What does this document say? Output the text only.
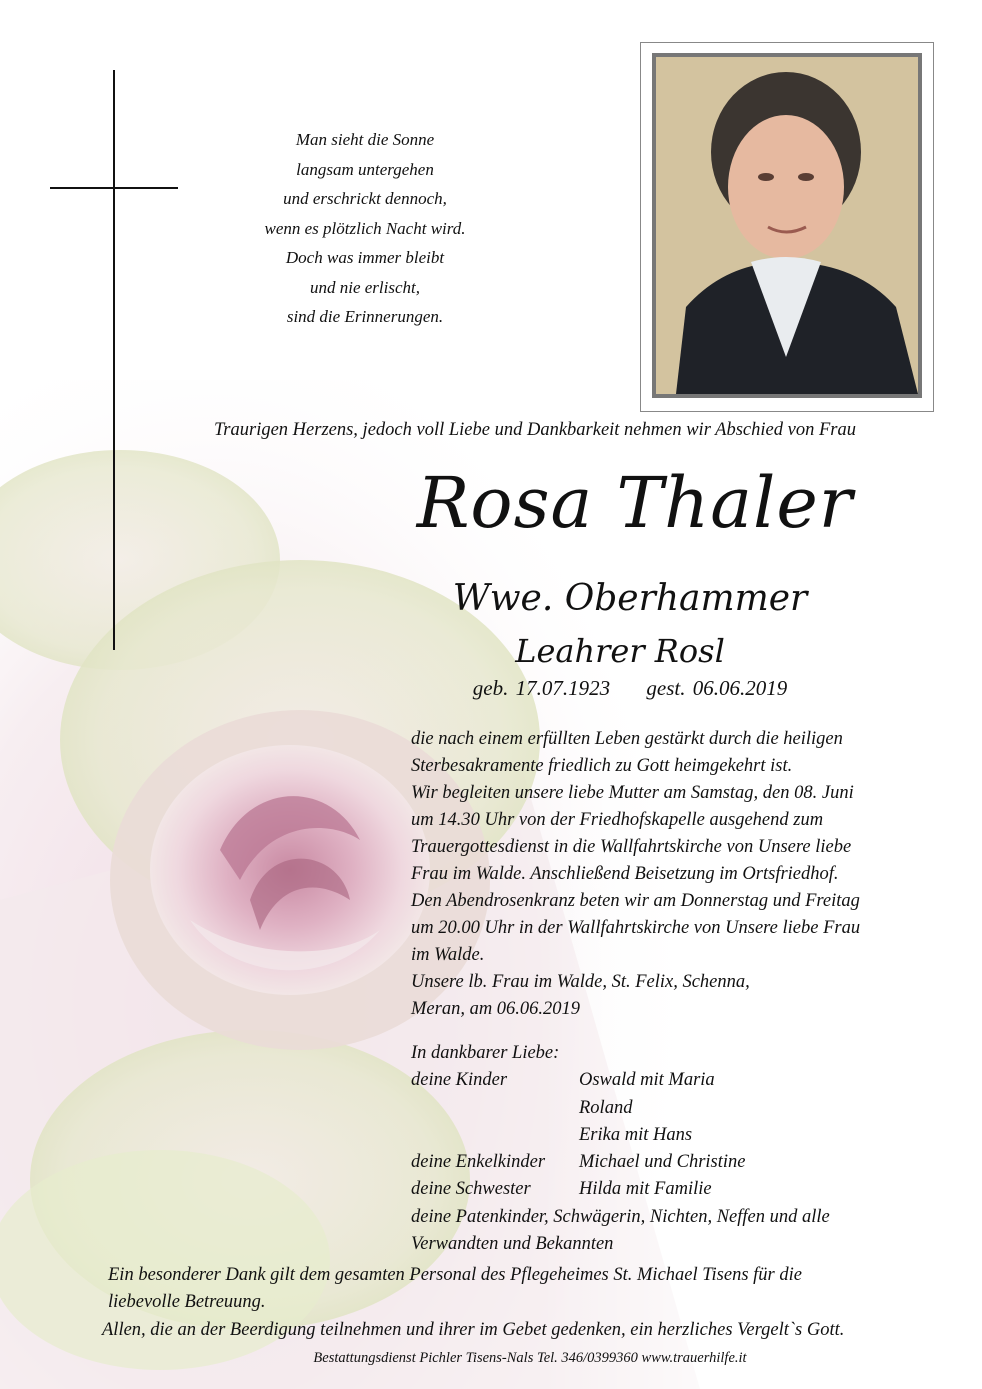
Man sieht die Sonne
langsam untergehen
und erschrickt dennoch,
wenn es plötzlich Nacht wird.
Doch was immer bleibt
und nie erlischt,
sind die Erinnerungen.
Traurigen Herzens, jedoch voll Liebe und Dankbarkeit nehmen wir Abschied von Frau
Rosa Thaler
Wwe. Oberhammer
Leahrer Rosl
geb. 17.07.1923     gest. 06.06.2019
die nach einem erfüllten Leben gestärkt durch die heiligen
Sterbesakramente friedlich zu Gott heimgekehrt ist.
Wir begleiten unsere liebe Mutter am Samstag, den 08. Juni
um 14.30 Uhr von der Friedhofskapelle ausgehend zum
Trauergottesdienst in die Wallfahrtskirche von Unsere liebe
Frau im Walde. Anschließend Beisetzung im Ortsfriedhof.
Den Abendrosenkranz beten wir am Donnerstag und Freitag
um 20.00 Uhr in der Wallfahrtskirche von Unsere liebe Frau
im Walde.
Unsere lb. Frau im Walde, St. Felix, Schenna,
Meran, am 06.06.2019
In dankbarer Liebe:
deine Kinder	Oswald mit Maria
Roland
Erika mit Hans
deine Enkelkinder	Michael und Christine
deine Schwester	Hilda mit Familie
deine Patenkinder, Schwägerin, Nichten, Neffen und alle
Verwandten und Bekannten
Ein besonderer Dank gilt dem gesamten Personal des Pflegeheimes St. Michael Tisens für die
liebevolle Betreuung.
Allen, die an der Beerdigung teilnehmen und ihrer im Gebet gedenken, ein herzliches Vergelt`s Gott.
Bestattungsdienst Pichler Tisens-Nals Tel. 346/0399360 www.trauerhilfe.it
